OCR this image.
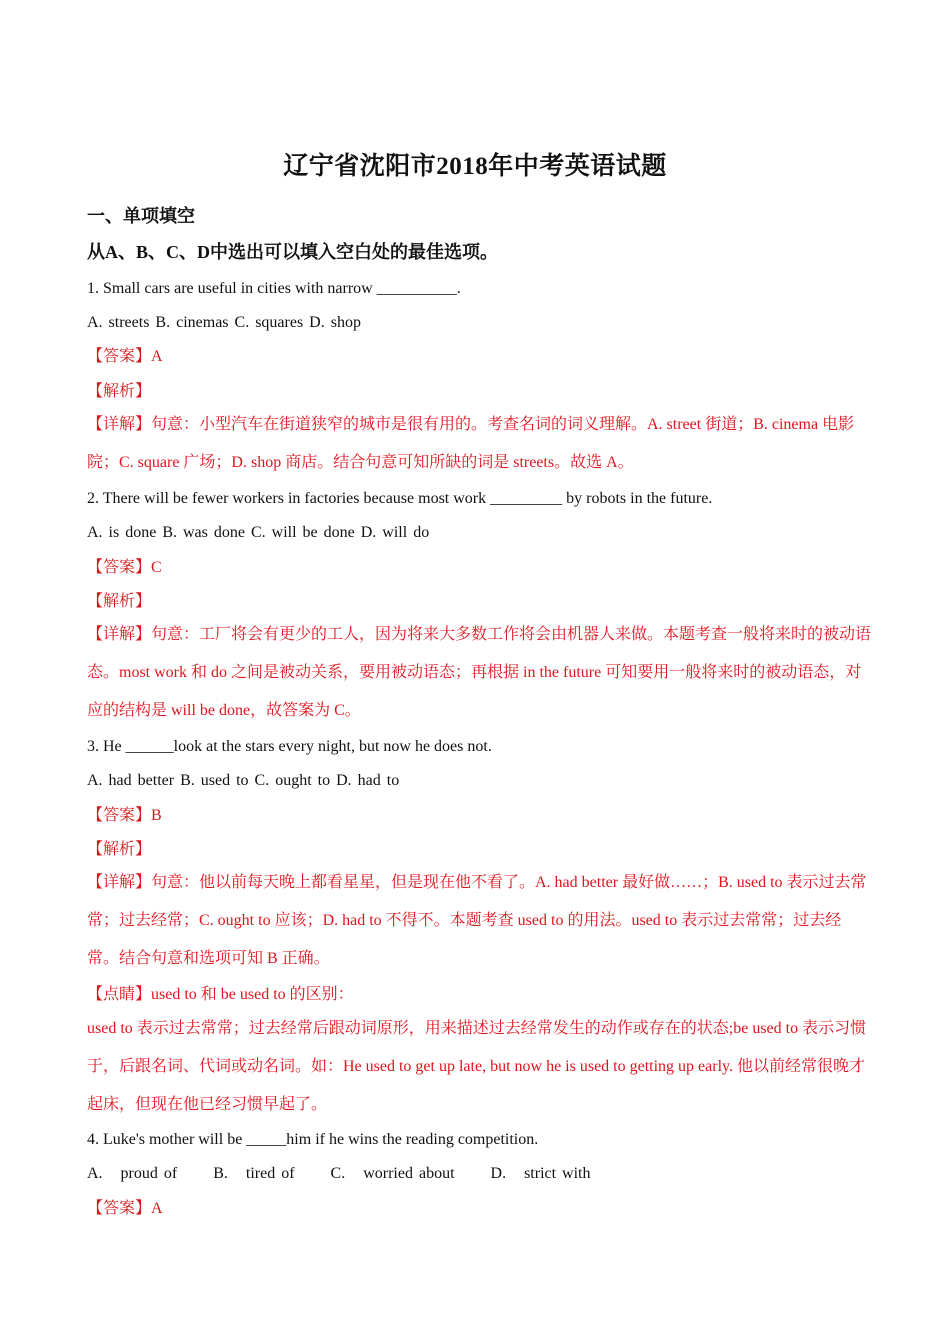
辽宁省沈阳市2018年中考英语试题
一、单项填空
从A、B、C、D中选出可以填入空白处的最佳选项。
1. Small cars are useful in cities with narrow __________.
A. streets B. cinemas C. squares D. shop
【答案】A
【解析】
【详解】句意：小型汽车在街道狭窄的城市是很有用的。考查名词的词义理解。A. street 街道；B. cinema 电影院；C. square 广场；D. shop 商店。结合句意可知所缺的词是 streets。故选 A。
2. There will be fewer workers in factories because most work _________ by robots in the future.
A. is done B. was done C. will be done D. will do
【答案】C
【解析】
【详解】句意：工厂将会有更少的工人，因为将来大多数工作将会由机器人来做。本题考查一般将来时的被动语态。most work 和 do 之间是被动关系，要用被动语态；再根据 in the future 可知要用一般将来时的被动语态，对应的结构是 will be done，故答案为 C。
3. He ______look at the stars every night, but now he does not.
A. had better B. used to C. ought to D. had to
【答案】B
【解析】
【详解】句意：他以前每天晚上都看星星，但是现在他不看了。A. had better 最好做……；B. used to 表示过去常常；过去经常；C. ought to 应该；D. had to 不得不。本题考查 used to 的用法。used to 表示过去常常；过去经常。结合句意和选项可知 B 正确。
【点睛】used to 和 be used to 的区别：
used to 表示过去常常；过去经常后跟动词原形，用来描述过去经常发生的动作或存在的状态;be used to 表示习惯于，后跟名词、代词或动名词。如：He used to get up late, but now he is used to getting up early. 他以前经常很晚才起床，但现在他已经习惯早起了。
4. Luke's mother will be _____him if he wins the reading competition.
A.   proud of      B.   tired of      C.   worried about      D.   strict with
【答案】A
